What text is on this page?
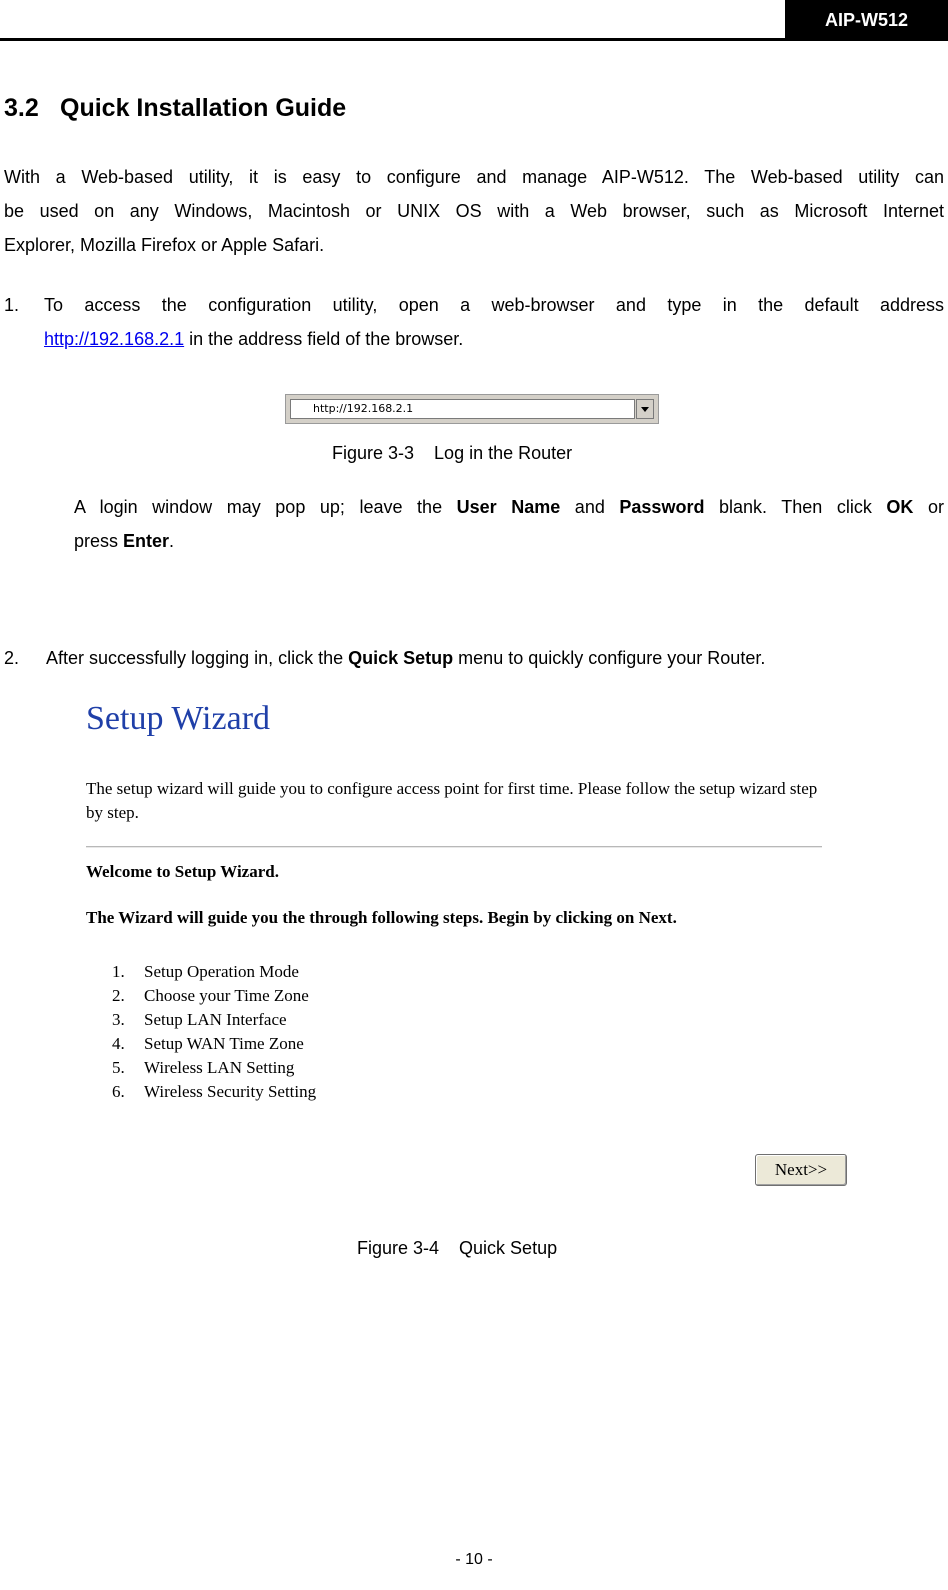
AIP-W512
3.2 Quick Installation Guide
With a Web-based utility, it is easy to configure and manage AIP-W512. The Web-based utility can
be used on any Windows, Macintosh or UNIX OS with a Web browser, such as Microsoft Internet
Explorer, Mozilla Firefox or Apple Safari.
1. To access the configuration utility, open a web-browser and type in the default address
http://192.168.2.1 in the address field of the browser.
http://192.168.2.1
Figure 3-3    Log in the Router
A login window may pop up; leave the User Name and Password blank. Then click OK or
press Enter.
2. After successfully logging in, click the Quick Setup menu to quickly configure your Router.
Setup Wizard
The setup wizard will guide you to configure access point for first time. Please follow the setup wizard step by step.
Welcome to Setup Wizard.
The Wizard will guide you the through following steps. Begin by clicking on Next.
1. Setup Operation Mode
2. Choose your Time Zone
3. Setup LAN Interface
4. Setup WAN Time Zone
5. Wireless LAN Setting
6. Wireless Security Setting
Next>>
Figure 3-4    Quick Setup
- 10 -
